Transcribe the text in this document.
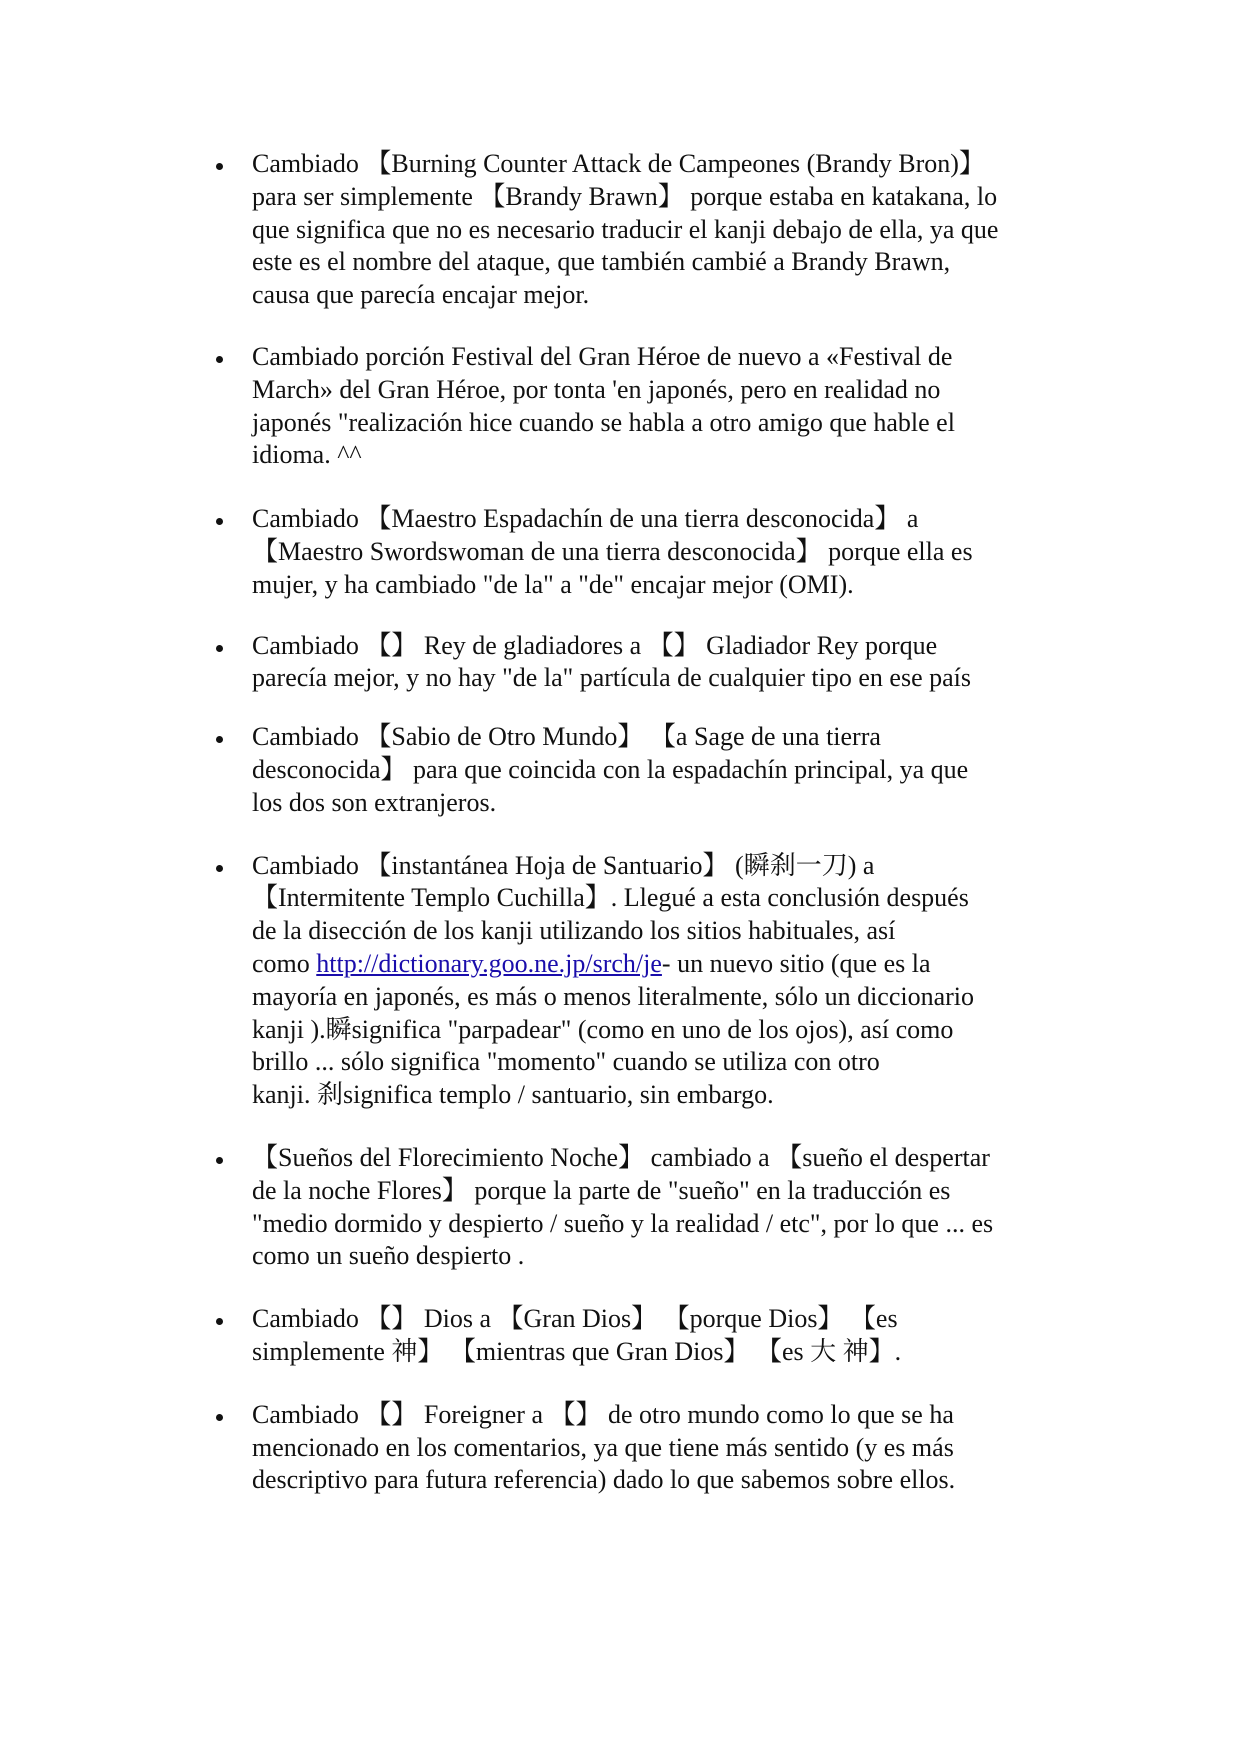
Cambiado 【Burning Counter Attack de Campeones (Brandy Bron)】
para ser simplemente 【Brandy Brawn】 porque estaba en katakana, lo
que significa que no es necesario traducir el kanji debajo de ella, ya que
este es el nombre del ataque, que también cambié a Brandy Brawn,
causa que parecía encajar mejor.
Cambiado porción Festival del Gran Héroe de nuevo a «Festival de
March» del Gran Héroe, por tonta 'en japonés, pero en realidad no
japonés "realización hice cuando se habla a otro amigo que hable el
idioma. ^^
Cambiado 【Maestro Espadachín de una tierra desconocida】 a
【Maestro Swordswoman de una tierra desconocida】 porque ella es
mujer, y ha cambiado "de la" a "de" encajar mejor (OMI).
Cambiado 【】 Rey de gladiadores a 【】 Gladiador Rey porque
parecía mejor, y no hay "de la" partícula de cualquier tipo en ese país
Cambiado 【Sabio de Otro Mundo】 【a Sage de una tierra
desconocida】 para que coincida con la espadachín principal, ya que
los dos son extranjeros.
Cambiado 【instantánea Hoja de Santuario】 (瞬刹一刀) a
【Intermitente Templo Cuchilla】. Llegué a esta conclusión después
de la disección de los kanji utilizando los sitios habituales, así
como http://dictionary.goo.ne.jp/srch/je- un nuevo sitio (que es la
mayoría en japonés, es más o menos literalmente, sólo un diccionario
kanji ).瞬significa "parpadear" (como en uno de los ojos), así como
brillo ... sólo significa "momento" cuando se utiliza con otro
kanji. 刹significa templo / santuario, sin embargo.
【Sueños del Florecimiento Noche】 cambiado a 【sueño el despertar
de la noche Flores】 porque la parte de "sueño" en la traducción es
"medio dormido y despierto / sueño y la realidad / etc", por lo que ... es
como un sueño despierto .
Cambiado 【】 Dios a 【Gran Dios】 【porque Dios】 【es
simplemente 神】 【mientras que Gran Dios】 【es 大 神】.
Cambiado 【】 Foreigner a 【】 de otro mundo como lo que se ha
mencionado en los comentarios, ya que tiene más sentido (y es más
descriptivo para futura referencia) dado lo que sabemos sobre ellos.
